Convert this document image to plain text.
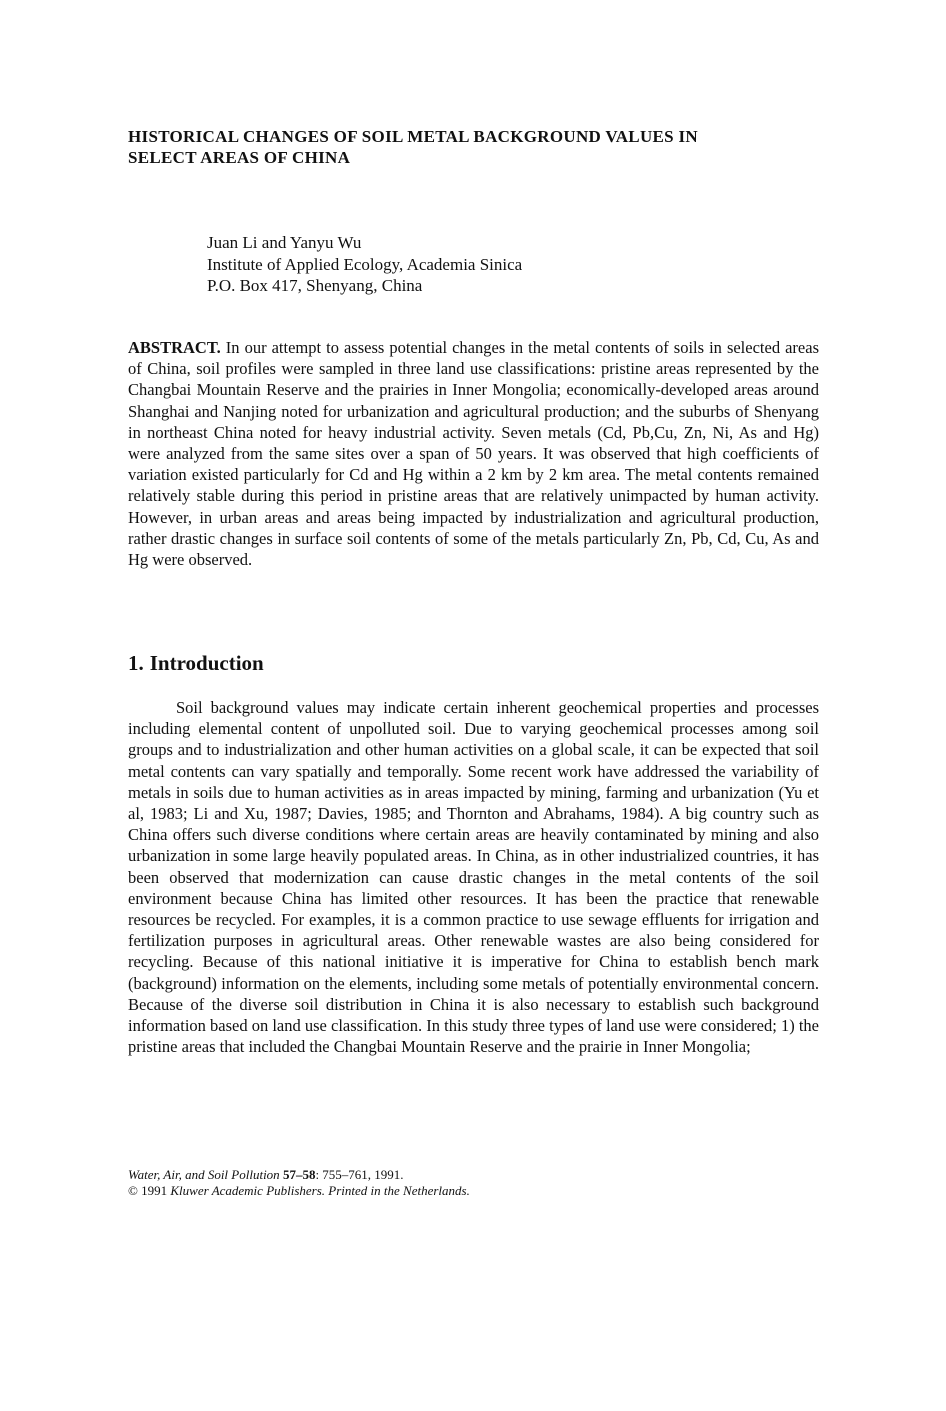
HISTORICAL CHANGES OF SOIL METAL BACKGROUND VALUES IN
SELECT AREAS OF CHINA
Juan Li and Yanyu Wu
Institute of Applied Ecology, Academia Sinica
P.O. Box 417, Shenyang, China
ABSTRACT. In our attempt to assess potential changes in the metal contents of soils in selected areas of China, soil profiles were sampled in three land use classifications: pristine areas represented by the Changbai Mountain Reserve and the prairies in Inner Mongolia; economically-developed areas around Shanghai and Nanjing noted for urbanization and agricultural production; and the suburbs of Shenyang in northeast China noted for heavy industrial activity. Seven metals (Cd, Pb,Cu, Zn, Ni, As and Hg) were analyzed from the same sites over a span of 50 years. It was observed that high coefficients of variation existed particularly for Cd and Hg within a 2 km by 2 km area. The metal contents remained relatively stable during this period in pristine areas that are relatively unimpacted by human activity. However, in urban areas and areas being impacted by industrialization and agricultural production, rather drastic changes in surface soil contents of some of the metals particularly Zn, Pb, Cd, Cu, As and Hg were observed.
1. Introduction
Soil background values may indicate certain inherent geochemical properties and processes including elemental content of unpolluted soil. Due to varying geochemical processes among soil groups and to industrialization and other human activities on a global scale, it can be expected that soil metal contents can vary spatially and temporally. Some recent work have addressed the variability of metals in soils due to human activities as in areas impacted by mining, farming and urbanization (Yu et al, 1983; Li and Xu, 1987; Davies, 1985; and Thornton and Abrahams, 1984). A big country such as China offers such diverse conditions where certain areas are heavily contaminated by mining and also urbanization in some large heavily populated areas. In China, as in other industrialized countries, it has been observed that modernization can cause drastic changes in the metal contents of the soil environment because China has limited other resources. It has been the practice that renewable resources be recycled. For examples, it is a common practice to use sewage effluents for irrigation and fertilization purposes in agricultural areas. Other renewable wastes are also being considered for recycling. Because of this national initiative it is imperative for China to establish bench mark (background) information on the elements, including some metals of potentially environmental concern. Because of the diverse soil distribution in China it is also necessary to establish such background information based on land use classification. In this study three types of land use were considered; 1) the pristine areas that included the Changbai Mountain Reserve and the prairie in Inner Mongolia;
Water, Air, and Soil Pollution 57–58: 755–761, 1991.
© 1991 Kluwer Academic Publishers. Printed in the Netherlands.
